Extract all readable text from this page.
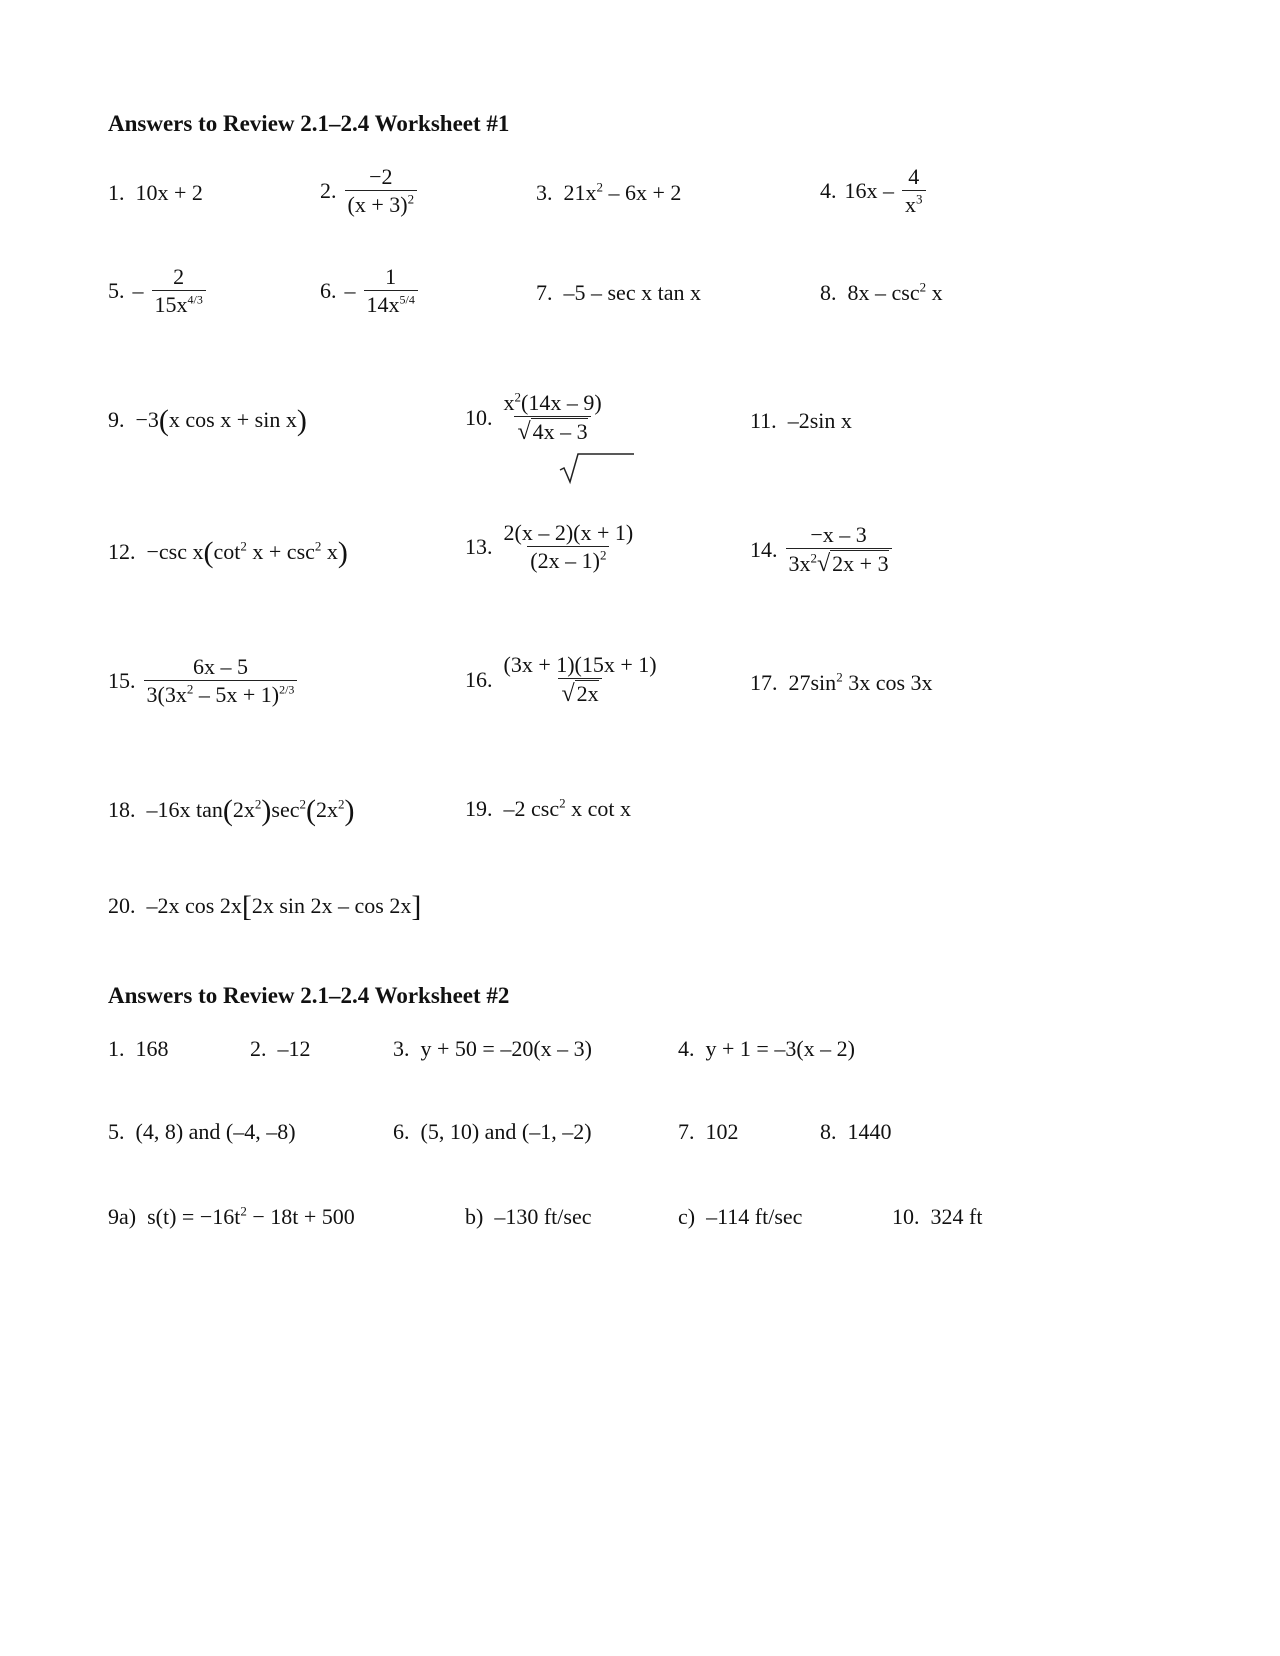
Answers to Review 2.1–2.4 Worksheet #1
1. 10x + 2	2. $\frac{-2}{(x + 3)^2}$	3. $21x^2 - 6x + 2$	4. $16x - \frac{4}{x^3}$
5. – $\frac{2}{15x^{4/3}}$	6. – $\frac{1}{14x^{5/4}}$	7. –5 – sec x tan x	8. $8x - \csc^2 x$
9. −3(x cos x + sin x)	10. $\frac{x^2(14x - 9)}{√4x - 3}$	11. –2sin x
12. −csc $x(\cot^2$ $x + \csc^2 x$)	13. $\frac{2(x - 2)(x + 1)}{(2x - 1)^2}$	14. $\frac{-x - 3}{3x^2√2x + 3}$
15. $\frac{6x - 5}{3(3x^2 - 5x + 1)^{2/3}}$	16. $\frac{(3x + 1)(15x + 1)}{√2x}$	17. $27\sin^2$ 3x cos 3x
18. –16x $\tan(2x^2)\sec^2(2x^2)$	19. –2 $\csc^2 x$ cot x
20. –2x cos 2x[2x sin 2x – cos 2x]
Answers to Review 2.1–2.4 Worksheet #2
1. 168	2. –12	3. y + 50 = –20(x – 3)	4. y + 1 = –3(x – 2)
5. (4, 8) and (–4, –8)	6. (5, 10) and (–1, –2)	7. 102	8. 1440
9a) $s(t) = -16t^2 - 18t + 500$	b) –130 ft/sec	c) –114 ft/sec	10. 324 ft
